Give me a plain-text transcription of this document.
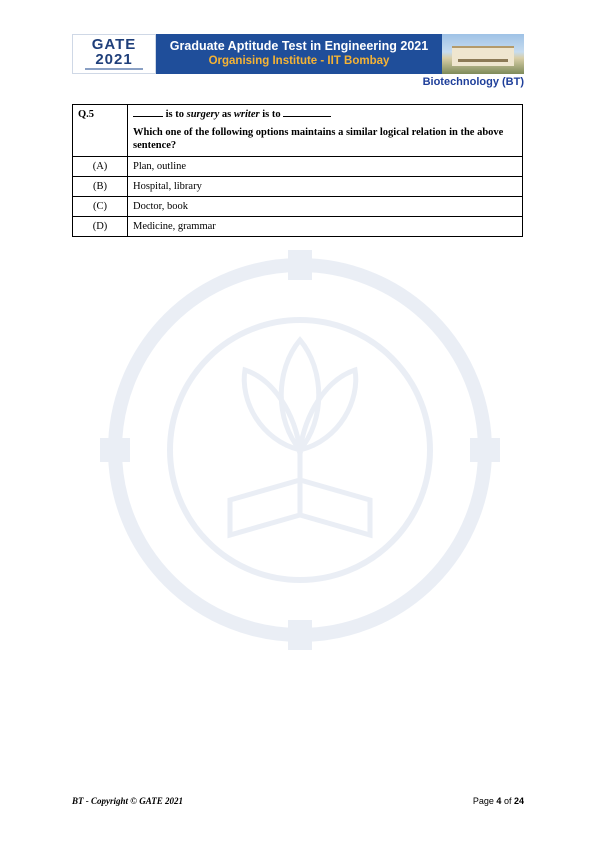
GATE
2021
Graduate Aptitude Test in Engineering 2021
Organising Institute - IIT Bombay
Biotechnology (BT)
Q.5	is to surgery as writer is to
Which one of the following options maintains a similar logical relation in the above sentence?

(A)	Plan, outline
(B)	Hospital, library
(C)	Doctor, book
(D)	Medicine, grammar
BT - Copyright © GATE 2021	Page 4 of 24
